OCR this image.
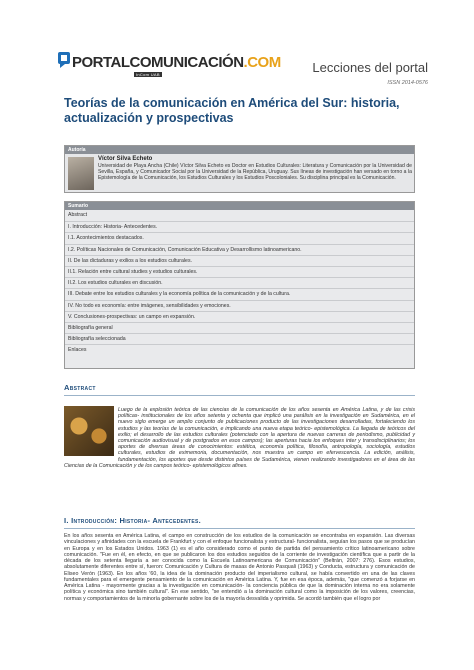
PORTALCOMUNICACIÓN.COM
InCom UAB	Lecciones del portal
ISSN 2014-0576
Teorías de la comunicación en América del Sur: historia, actualización y prospectivas
Autoría
Víctor Silva Echeto
Universidad de Playa Ancha (Chile) Víctor Silva Echeto es Doctor en Estudios Culturales: Literatura y Comunicación por la Universidad de Sevilla, España, y Comunicador Social por la Universidad de la República, Uruguay. Sus líneas de investigación han versado en torno a la Epistemología de la Comunicación, los Estudios Culturales y los Estudios Poscoloniales. Su disciplina principal es la Comunicación.
Sumario
Abstract
I. Introducción: Historia- Antecedentes.
I.1. Acontecimientos destacados.
I.2. Políticas Nacionales de Comunicación, Comunicación Educativa y Desarrollismo latinoamericano.
II. De las dictaduras y exilios a los estudios culturales.
II.1. Relación entre cultural studies y estudios culturales.
II.2. Los estudios culturales en discusión.
III. Debate entre los estudios culturales y la economía política de la comunicación y de la cultura.
IV. No todo es economía: entre imágenes, sensibilidades y emociones.
V. Conclusiones-prospectivas: un campo en expansión.
Bibliografía general
Bibliografía seleccionada
Enlaces
Abstract
Luego de la explosión teórica de las ciencias de la comunicación de los años sesenta en América Latina, y de las crisis políticas- institucionales de los años setenta y ochenta que implicó una parálisis en la investigación en Sudamérica, en el nuevo siglo emerge un amplio conjunto de publicaciones producto de las investigaciones desarrolladas, fortaleciendo los estudios y las teorías de la comunicación, e implicando una nueva etapa teórico- epistemológica. La llegada de teóricos del exilio; el desarrollo de las estudios culturales (potenciado con la apertura de nuevas carreras de periodismo, publicidad y comunicación audiovisual y de postgrados en esos campos); las aperturas hacia los enfoques inter y transdisciplinarios; los aportes de diversas áreas de conocimientos: estética, economía política, filosofía, antropología, sociología, estudios culturales, estudios de eximemoria, documentación, nos muestra un campo en efervescencia. La edición, análisis, fundamentación, los aportes que desde distintos países de Sudamérica, vienen realizando investigadores en el área de las Ciencias de la Comunicación y de los campos teórico- epistemológicos afines.
I. Introducción: Historia- Antecedentes.

En los años sesenta en América Latina, el campo en construcción de los estudios de la comunicación se encontraba en expansión. Las diversas vinculaciones y afinidades con la escuela de Frankfurt y con el enfoque funcionalista y estructural- funcionalista, seguían los pasos que se producían en Europa y en los Estados Unidos. 1963 (1) es el año considerado como el punto de partida del pensamiento crítico latinoamericano sobre comunicación. "Fue en él, en efecto, en que se publicaron los dos estudios seguidos de la corriente de investigación científica que a partir de la década de los setenta llegaría a ser conocida como la Escuela Latinoamericana de Comunicación" (Beltrán, 2007: 276). Esos estudios, absolutamente diferentes entre sí, fueron: Comunicación y Cultura de masas de Antonio Pasquali (1963) y Conducta, estructura y comunicación de Eliseo Verón (1963). En los años '60, la idea de la dominación producto del imperialismo cultural, se había convertido en una de las claves fundamentales para el emergente pensamiento de la comunicación en América Latina. Y, fue en esa época, además, "que comenzó a forjarse en América Latina - mayormente gracias a la investigación en comunicación- la conciencia pública de que la dominación interna no era solamente política y económica sino también cultural". En ese sentido, "se entendió a la dominación cultural como la imposición de los valores, creencias, normas y comportamientos de la minoría gobernante sobre los de la mayoría desvalida y oprimida. Se acordó también que el logro por
